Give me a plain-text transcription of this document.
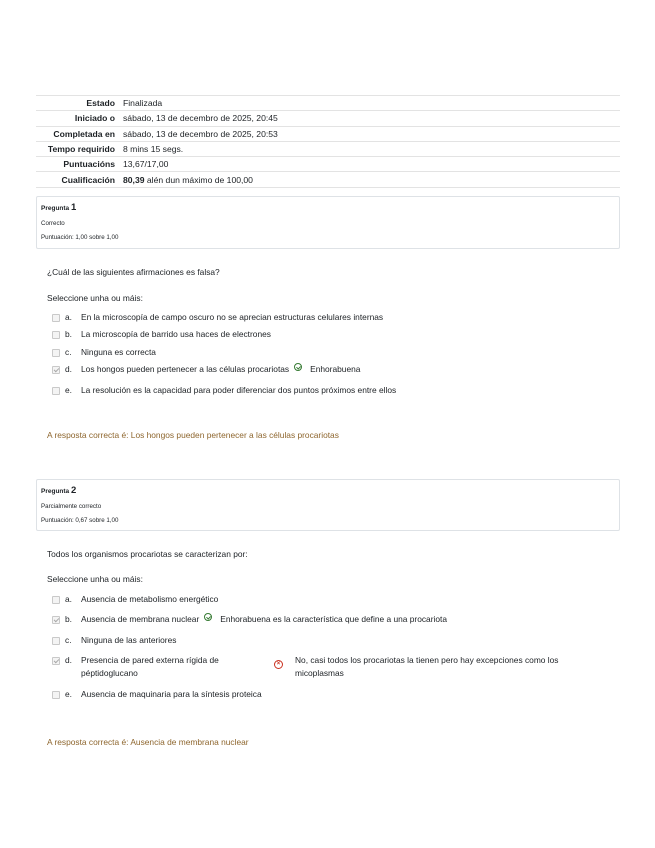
Estado	Finalizada
Iniciado o	sábado, 13 de decembro de 2025, 20:45
Completada en	sábado, 13 de decembro de 2025, 20:53
Tempo requirido	8 mins 15 segs.
Puntuacións	13,67/17,00
Cualificación	80,39 alén dun máximo de 100,00
Pregunta 1
Correcto
Puntuación: 1,00 sobre 1,00
¿Cuál de las siguientes afirmaciones es falsa?
Seleccione unha ou máis:
a.	En la microscopía de campo oscuro no se aprecian estructuras celulares internas
b.	La microscopía de barrido usa haces de electrones
c.	Ninguna es correcta
d.	Los hongos pueden pertenecer a las células procariotas	Enhorabuena
e.	La resolución es la capacidad para poder diferenciar dos puntos próximos entre ellos
A resposta correcta é: Los hongos pueden pertenecer a las células procariotas
Pregunta 2
Parcialmente correcto
Puntuación: 0,67 sobre 1,00
Todos los organismos procariotas se caracterizan por:
Seleccione unha ou máis:
a.	Ausencia de metabolismo energético
b.	Ausencia de membrana nuclear	Enhorabuena es la característica que define a una procariota
c.	Ninguna de las anteriores
d.	Presencia de pared externa rígida de
péptidoglucano
×	No, casi todos los procariotas la tienen pero hay excepciones como los
micoplasmas
e.	Ausencia de maquinaria para la síntesis proteica
A resposta correcta é: Ausencia de membrana nuclear
